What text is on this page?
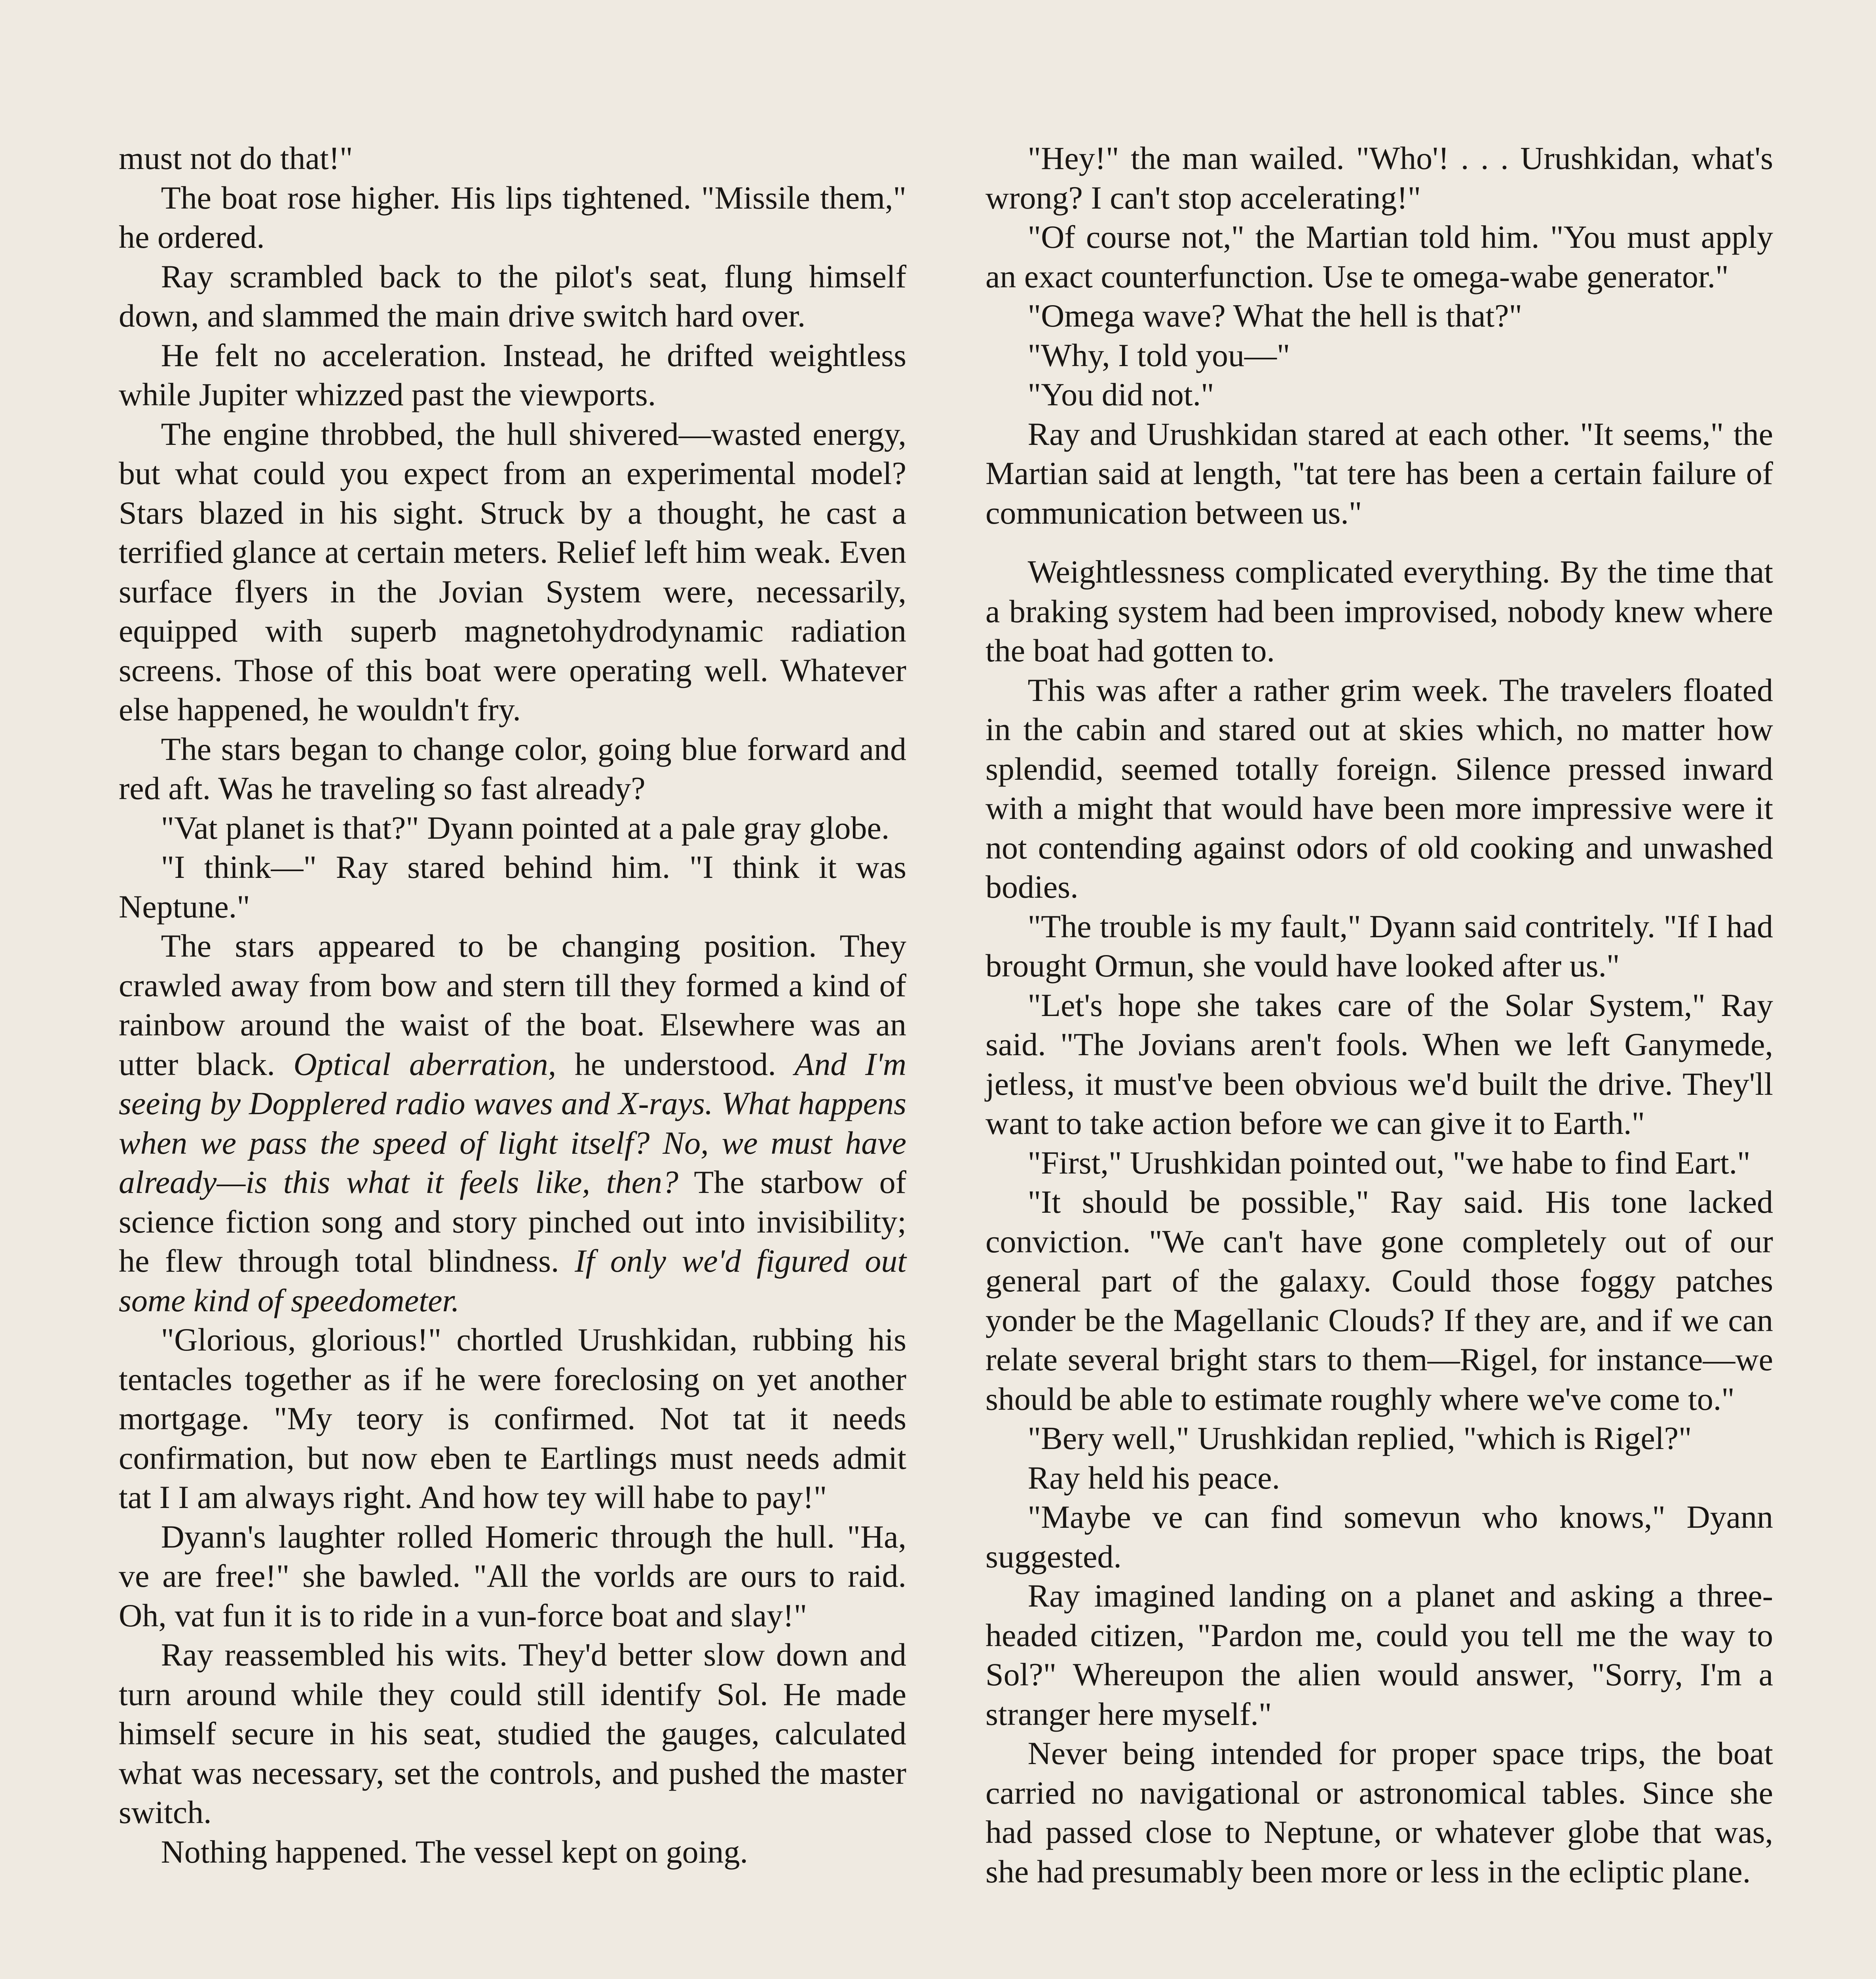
must not do that!"

The boat rose higher. His lips tightened. "Missile them," he ordered.

Ray scrambled back to the pilot's seat, flung himself down, and slammed the main drive switch hard over.

He felt no acceleration. Instead, he drifted weightless while Jupiter whizzed past the viewports.

The engine throbbed, the hull shivered—wasted energy, but what could you expect from an experimental model? Stars blazed in his sight. Struck by a thought, he cast a terrified glance at certain meters. Relief left him weak. Even surface flyers in the Jovian System were, necessarily, equipped with superb magnetohydrodynamic radiation screens. Those of this boat were operating well. Whatever else happened, he wouldn't fry.

The stars began to change color, going blue forward and red aft. Was he traveling so fast already?

"Vat planet is that?" Dyann pointed at a pale gray globe.

"I think—" Ray stared behind him. "I think it was Neptune."

The stars appeared to be changing position. They crawled away from bow and stern till they formed a kind of rainbow around the waist of the boat. Elsewhere was an utter black. Optical aberration, he understood. And I'm seeing by Dopplered radio waves and X-rays. What happens when we pass the speed of light itself? No, we must have already—is this what it feels like, then? The starbow of science fiction song and story pinched out into invisibility; he flew through total blindness. If only we'd figured out some kind of speedometer.

"Glorious, glorious!" chortled Urushkidan, rubbing his tentacles together as if he were foreclosing on yet another mortgage. "My teory is confirmed. Not tat it needs confirmation, but now eben te Eartlings must needs admit tat I I am always right. And how tey will habe to pay!"

Dyann's laughter rolled Homeric through the hull. "Ha, ve are free!" she bawled. "All the vorlds are ours to raid. Oh, vat fun it is to ride in a vun-force boat and slay!"

Ray reassembled his wits. They'd better slow down and turn around while they could still identify Sol. He made himself secure in his seat, studied the gauges, calculated what was necessary, set the controls, and pushed the master switch.

Nothing happened. The vessel kept on going.

"Hey!" the man wailed. "Who'! . . . Urushkidan, what's wrong? I can't stop accelerating!"

"Of course not," the Martian told him. "You must apply an exact counterfunction. Use te omega-wabe generator."

"Omega wave? What the hell is that?"

"Why, I told you—"

"You did not."

Ray and Urushkidan stared at each other. "It seems," the Martian said at length, "tat tere has been a certain failure of communication between us."

Weightlessness complicated everything. By the time that a braking system had been improvised, nobody knew where the boat had gotten to.

This was after a rather grim week. The travelers floated in the cabin and stared out at skies which, no matter how splendid, seemed totally foreign. Silence pressed inward with a might that would have been more impressive were it not contending against odors of old cooking and unwashed bodies.

"The trouble is my fault," Dyann said contritely. "If I had brought Ormun, she vould have looked after us."

"Let's hope she takes care of the Solar System," Ray said. "The Jovians aren't fools. When we left Ganymede, jetless, it must've been obvious we'd built the drive. They'll want to take action before we can give it to Earth."

"First," Urushkidan pointed out, "we habe to find Eart."

"It should be possible," Ray said. His tone lacked conviction. "We can't have gone completely out of our general part of the galaxy. Could those foggy patches yonder be the Magellanic Clouds? If they are, and if we can relate several bright stars to them—Rigel, for instance—we should be able to estimate roughly where we've come to."

"Bery well," Urushkidan replied, "which is Rigel?"

Ray held his peace.

"Maybe ve can find somevun who knows," Dyann suggested.

Ray imagined landing on a planet and asking a three-headed citizen, "Pardon me, could you tell me the way to Sol?" Whereupon the alien would answer, "Sorry, I'm a stranger here myself."

Never being intended for proper space trips, the boat carried no navigational or astronomical tables. Since she had passed close to Neptune, or whatever globe that was, she had presumably been more or less in the ecliptic plane.
